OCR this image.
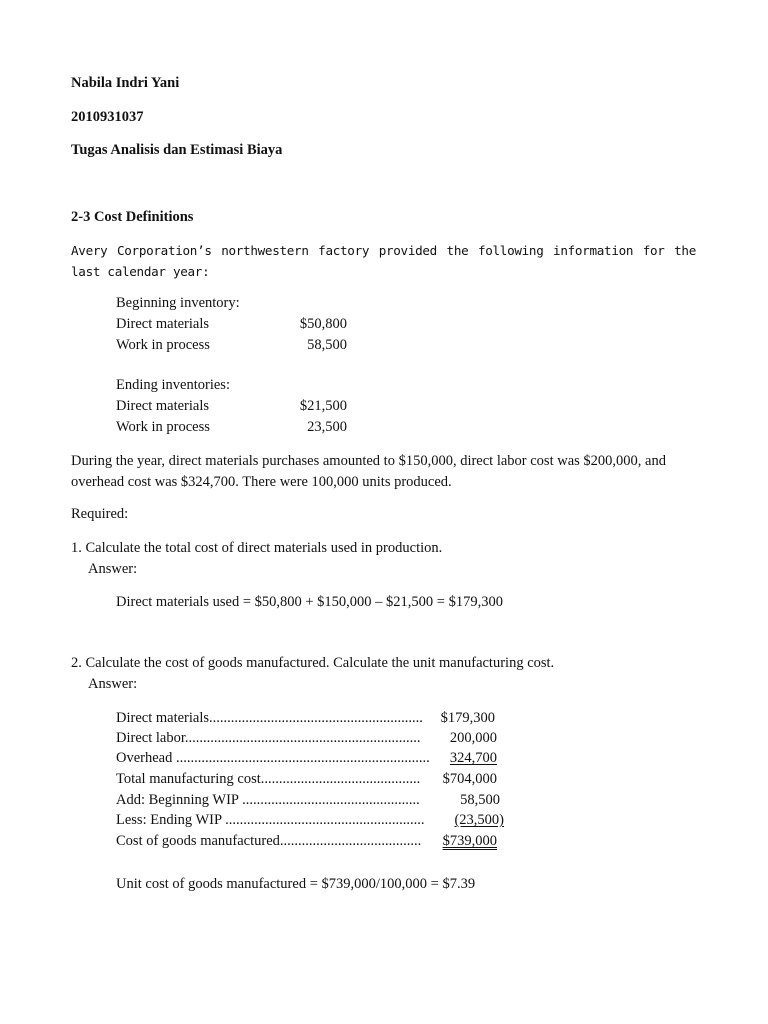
Nabila Indri Yani
2010931037
Tugas Analisis dan Estimasi Biaya
2-3 Cost Definitions
Avery Corporation’s northwestern factory provided the following information for the last calendar year:
Beginning inventory:
Direct materials	$50,800
Work in process	58,500
Ending inventories:
Direct materials	$21,500
Work in process	23,500
During the year, direct materials purchases amounted to $150,000, direct labor cost was $200,000, and overhead cost was $324,700. There were 100,000 units produced.
Required:
1. Calculate the total cost of direct materials used in production.
Answer:
Direct materials used = $50,800 + $150,000 – $21,500 = $179,300
2. Calculate the cost of goods manufactured. Calculate the unit manufacturing cost.
Answer:
Direct materials...........................................................	$179,300
Direct labor.................................................................	200,000
Overhead ......................................................................	324,700
Total manufacturing cost............................................	$704,000
Add: Beginning WIP .................................................	58,500
Less: Ending WIP .......................................................	(23,500)
Cost of goods manufactured.......................................	$739,000
Unit cost of goods manufactured = $739,000/100,000 = $7.39
